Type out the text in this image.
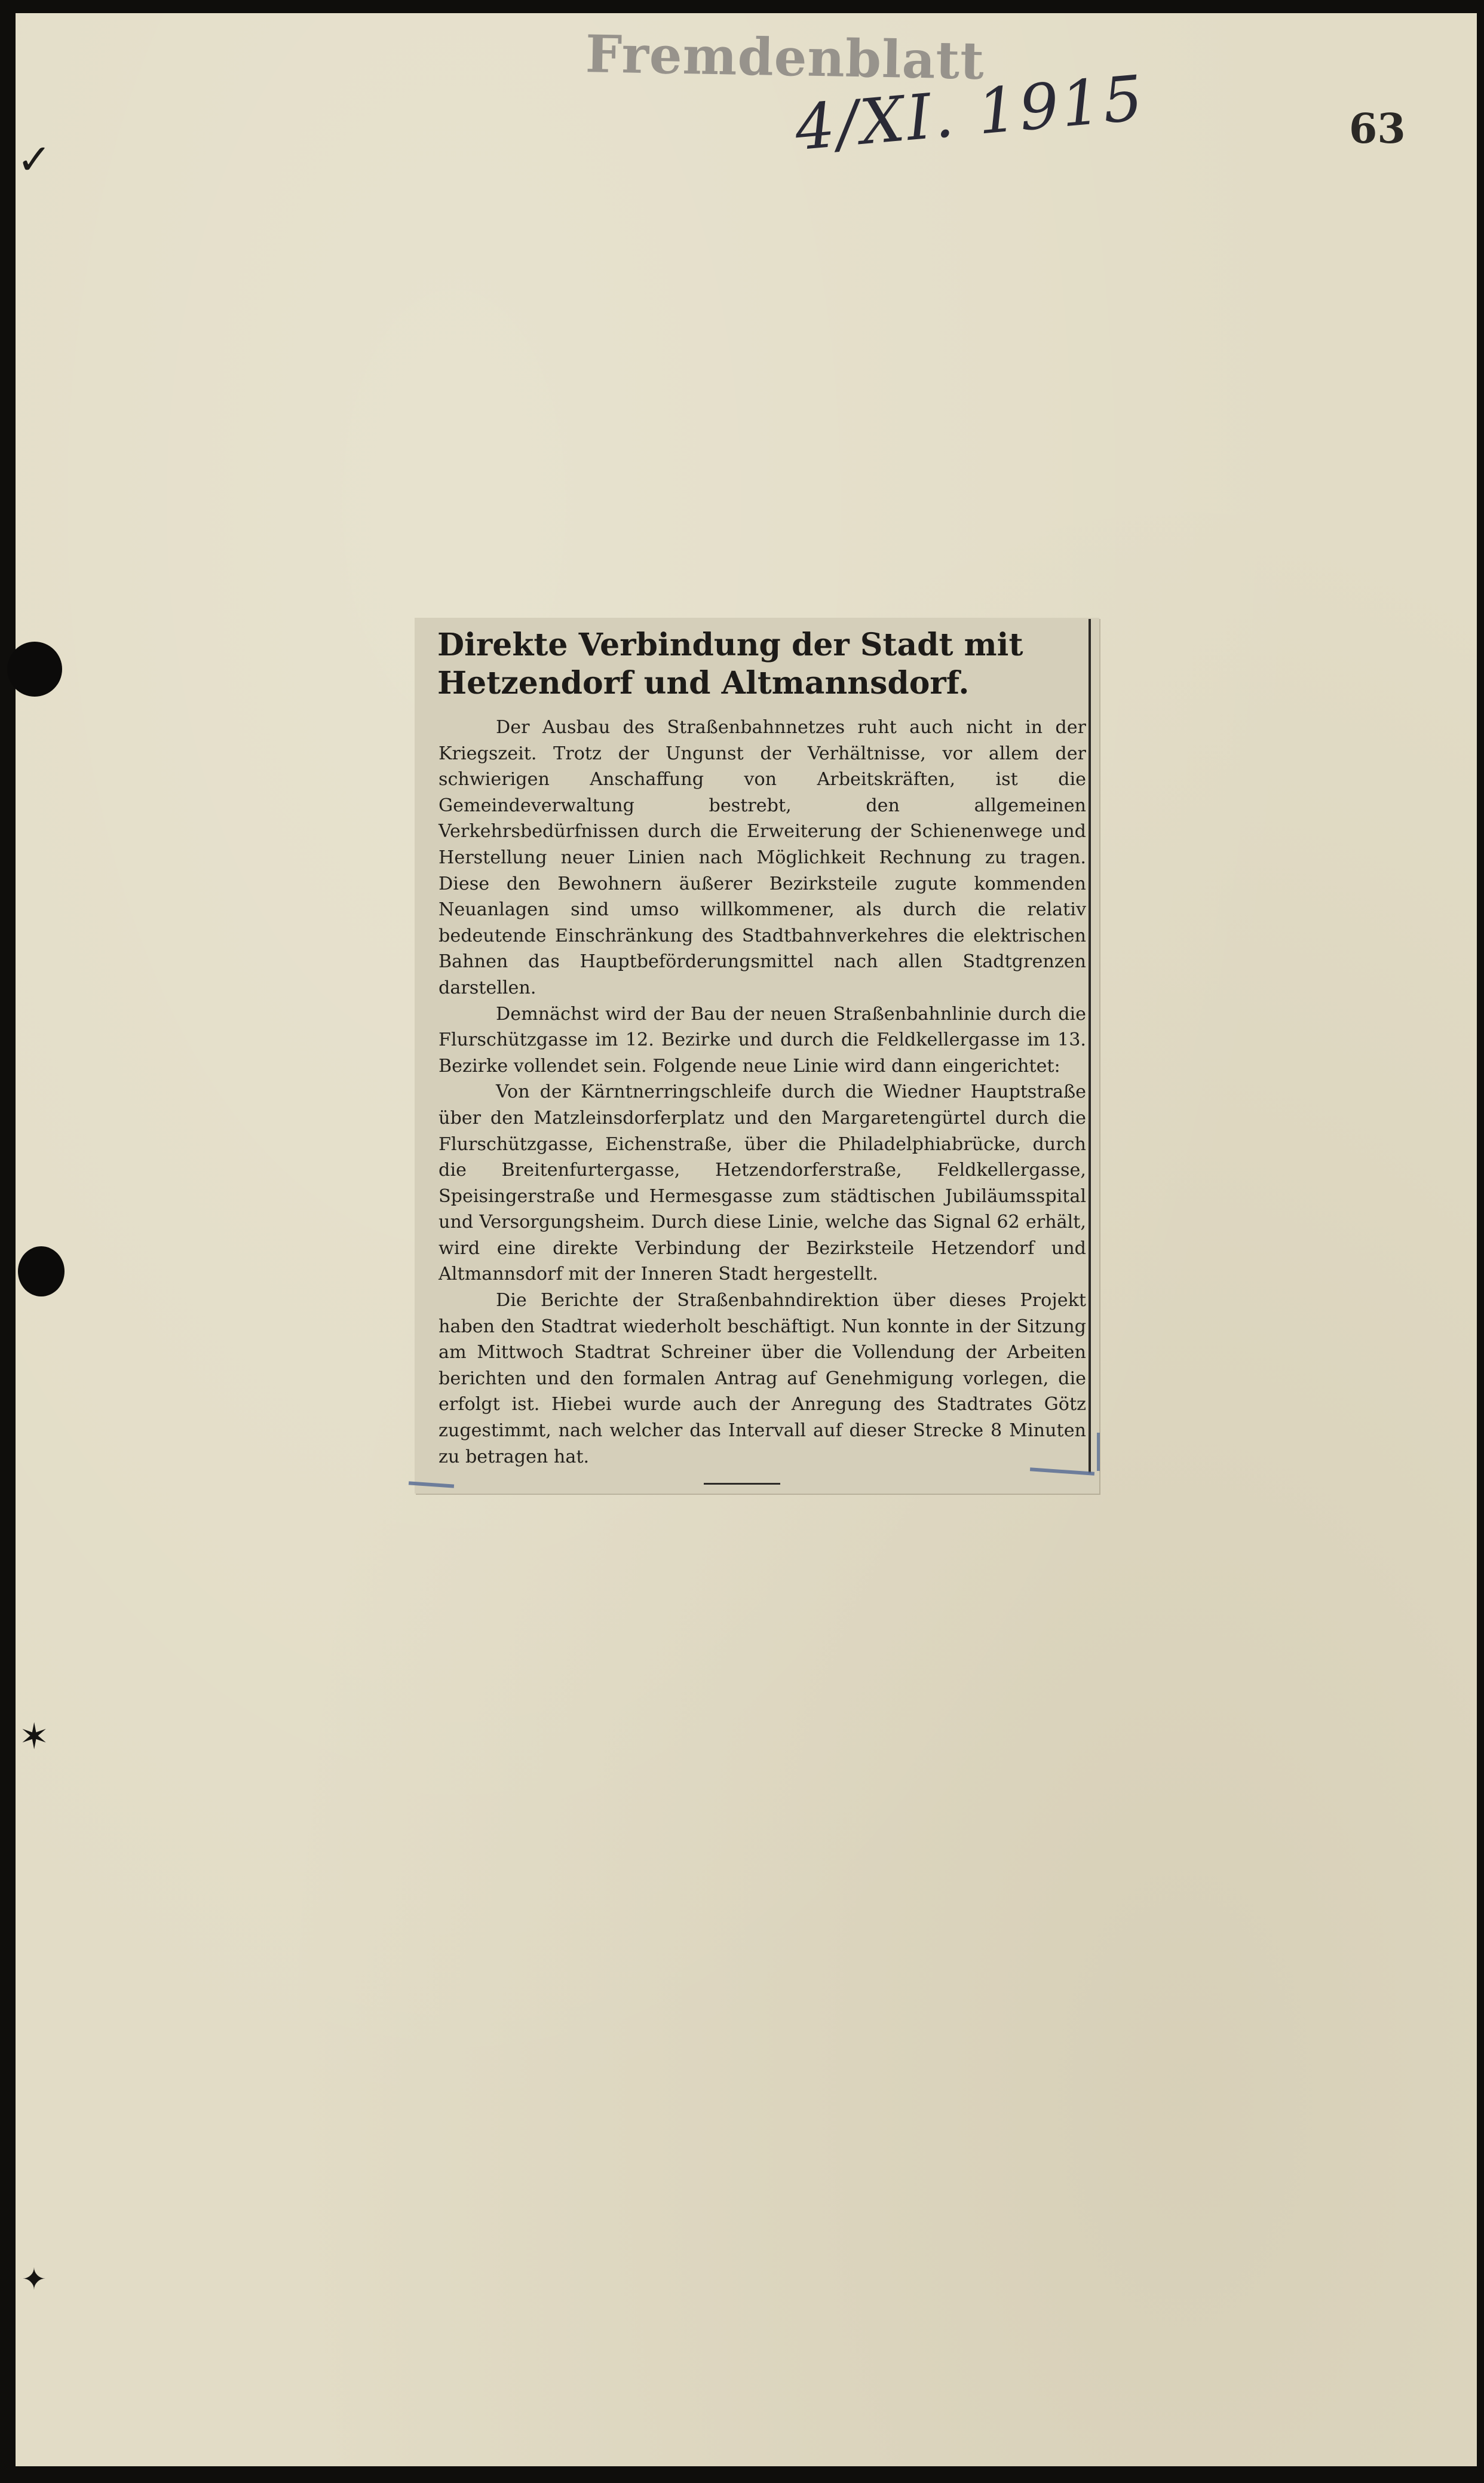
Fremdenblatt
4/XI. 1915	63
✓
✶
✦
Direkte Verbindung der Stadt mit Hetzendorf und Altmannsdorf.

Der Ausbau des Straßenbahnnetzes ruht auch nicht in der Kriegszeit. Trotz der Ungunst der Verhältnisse, vor allem der schwierigen Anschaffung von Arbeitskräften, ist die Gemeindeverwaltung bestrebt, den allgemeinen Verkehrsbedürfnissen durch die Erweiterung der Schienenwege und Herstellung neuer Linien nach Möglichkeit Rechnung zu tragen. Diese den Bewohnern äußerer Bezirksteile zugute kommenden Neuanlagen sind umso willkommener, als durch die relativ bedeutende Einschränkung des Stadtbahnverkehres die elektrischen Bahnen das Hauptbeförderungsmittel nach allen Stadtgrenzen darstellen.

Demnächst wird der Bau der neuen Straßenbahnlinie durch die Flurschützgasse im 12. Bezirke und durch die Feldkellergasse im 13. Bezirke vollendet sein. Folgende neue Linie wird dann eingerichtet:

Von der Kärntnerringschleife durch die Wiedner Hauptstraße über den Matzleinsdorferplatz und den Margaretengürtel durch die Flurschützgasse, Eichenstraße, über die Philadelphiabrücke, durch die Breitenfurtergasse, Hetzendorferstraße, Feldkellergasse, Speisingerstraße und Hermesgasse zum städtischen Jubiläumsspital und Versorgungsheim. Durch diese Linie, welche das Signal 62 erhält, wird eine direkte Verbindung der Bezirksteile Hetzendorf und Altmannsdorf mit der Inneren Stadt hergestellt.

Die Berichte der Straßenbahndirektion über dieses Projekt haben den Stadtrat wiederholt beschäftigt. Nun konnte in der Sitzung am Mittwoch Stadtrat Schreiner über die Vollendung der Arbeiten berichten und den formalen Antrag auf Genehmigung vorlegen, die erfolgt ist. Hiebei wurde auch der Anregung des Stadtrates Götz zugestimmt, nach welcher das Intervall auf dieser Strecke 8 Minuten zu betragen hat.
